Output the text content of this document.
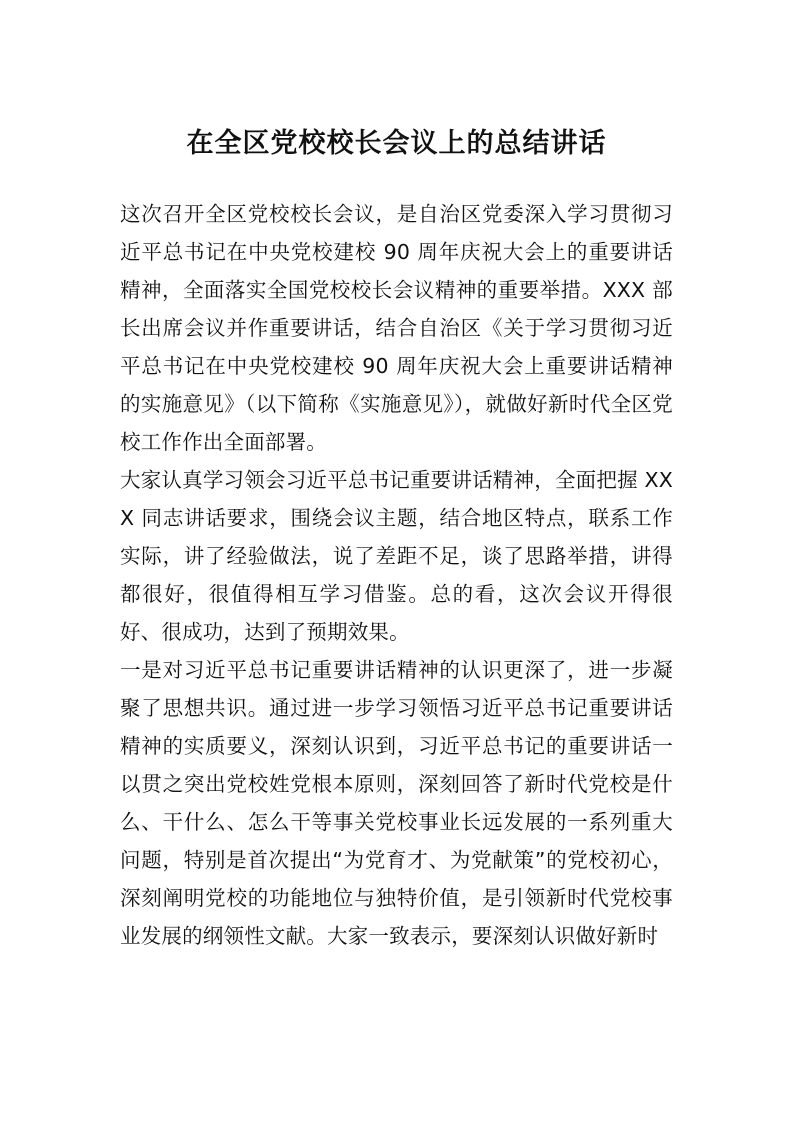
在全区党校校长会议上的总结讲话

这次召开全区党校校长会议，是自治区党委深入学习贯彻习近平总书记在中央党校建校 90 周年庆祝大会上的重要讲话精神，全面落实全国党校校长会议精神的重要举措。XXX 部长出席会议并作重要讲话，结合自治区《关于学习贯彻习近平总书记在中央党校建校 90 周年庆祝大会上重要讲话精神的实施意见》（以下简称《实施意见》），就做好新时代全区党校工作作出全面部署。

大家认真学习领会习近平总书记重要讲话精神，全面把握 XXX 同志讲话要求，围绕会议主题，结合地区特点，联系工作实际，讲了经验做法，说了差距不足，谈了思路举措，讲得都很好，很值得相互学习借鉴。总的看，这次会议开得很好、很成功，达到了预期效果。

一是对习近平总书记重要讲话精神的认识更深了，进一步凝聚了思想共识。通过进一步学习领悟习近平总书记重要讲话精神的实质要义，深刻认识到，习近平总书记的重要讲话一以贯之突出党校姓党根本原则，深刻回答了新时代党校是什么、干什么、怎么干等事关党校事业长远发展的一系列重大问题，特别是首次提出“为党育才、为党献策”的党校初心，深刻阐明党校的功能地位与独特价值，是引领新时代党校事业发展的纲领性文献。大家一致表示，要深刻认识做好新时
